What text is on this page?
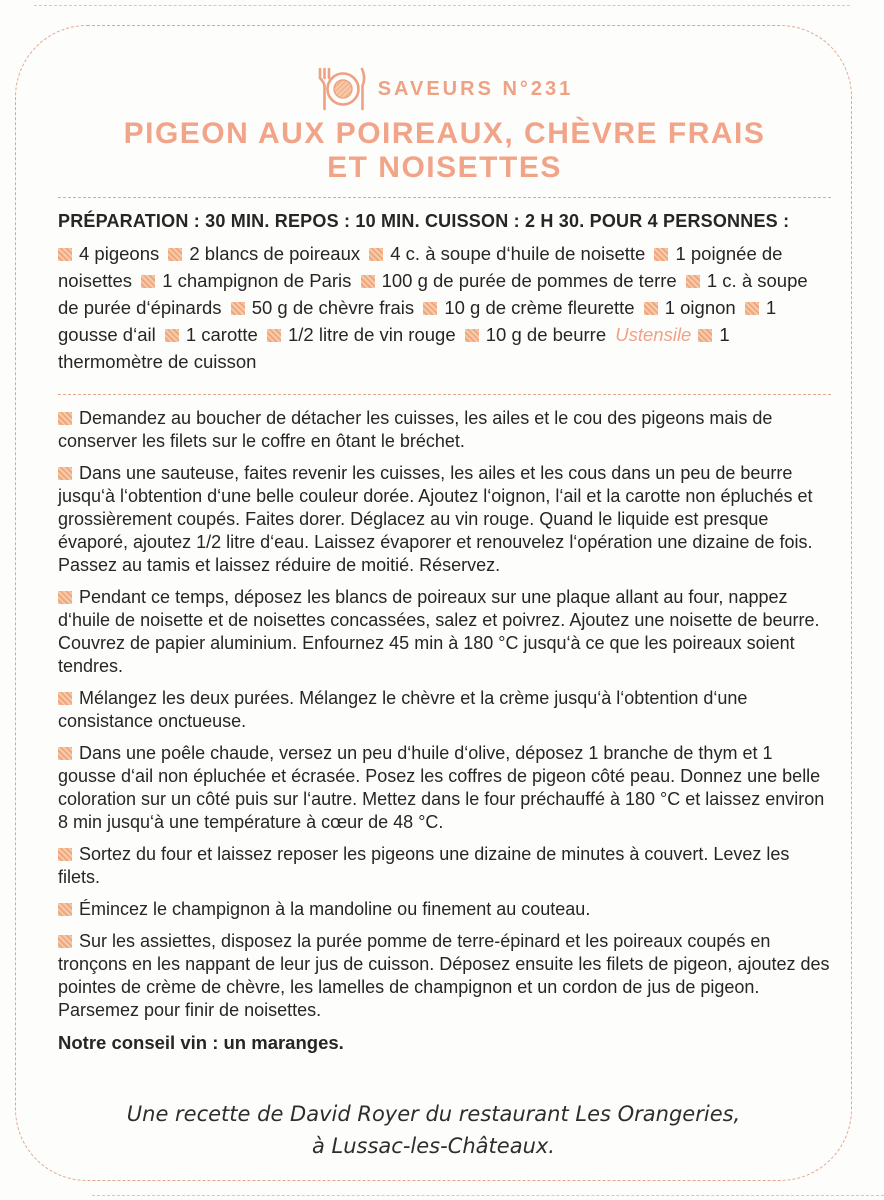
SAVEURS N°231
PIGEON AUX POIREAUX, CHÈVRE FRAIS
ET NOISETTES
PRÉPARATION : 30 MIN. REPOS : 10 MIN. CUISSON : 2 H 30. POUR 4 PERSONNES :

4 pigeons 2 blancs de poireaux 4 c. à soupe d‘huile de noisette 1 poignée de noisettes 1 champignon de Paris 100 g de purée de pommes de terre 1 c. à soupe de purée d‘épinards 50 g de chèvre frais 10 g de crème fleurette 1 oignon 1 gousse d‘ail 1 carotte 1/2 litre de vin rouge 10 g de beurre Ustensile 1 thermomètre de cuisson

Demandez au boucher de détacher les cuisses, les ailes et le cou des pigeons mais de conserver les filets sur le coffre en ôtant le bréchet.

Dans une sauteuse, faites revenir les cuisses, les ailes et les cous dans un peu de beurre jusqu‘à l‘obtention d‘une belle couleur dorée. Ajoutez l‘oignon, l‘ail et la carotte non épluchés et grossièrement coupés. Faites dorer. Déglacez au vin rouge. Quand le liquide est presque évaporé, ajoutez 1/2 litre d‘eau. Laissez évaporer et renouvelez l‘opération une dizaine de fois. Passez au tamis et laissez réduire de moitié. Réservez.

Pendant ce temps, déposez les blancs de poireaux sur une plaque allant au four, nappez d‘huile de noisette et de noisettes concassées, salez et poivrez. Ajoutez une noisette de beurre. Couvrez de papier aluminium. Enfournez 45 min à 180 °C jusqu‘à ce que les poireaux soient tendres.

Mélangez les deux purées. Mélangez le chèvre et la crème jusqu‘à l‘obtention d‘une consistance onctueuse.

Dans une poêle chaude, versez un peu d‘huile d‘olive, déposez 1 branche de thym et 1 gousse d‘ail non épluchée et écrasée. Posez les coffres de pigeon côté peau. Donnez une belle coloration sur un côté puis sur l‘autre. Mettez dans le four préchauffé à 180 °C et laissez environ 8 min jusqu‘à une température à cœur de 48 °C.

Sortez du four et laissez reposer les pigeons une dizaine de minutes à couvert. Levez les filets.

Émincez le champignon à la mandoline ou finement au couteau.

Sur les assiettes, disposez la purée pomme de terre-épinard et les poireaux coupés en tronçons en les nappant de leur jus de cuisson. Déposez ensuite les filets de pigeon, ajoutez des pointes de crème de chèvre, les lamelles de champignon et un cordon de jus de pigeon. Parsemez pour finir de noisettes.

Notre conseil vin : un maranges.
Une recette de David Royer du restaurant Les Orangeries,
à Lussac-les-Châteaux.
